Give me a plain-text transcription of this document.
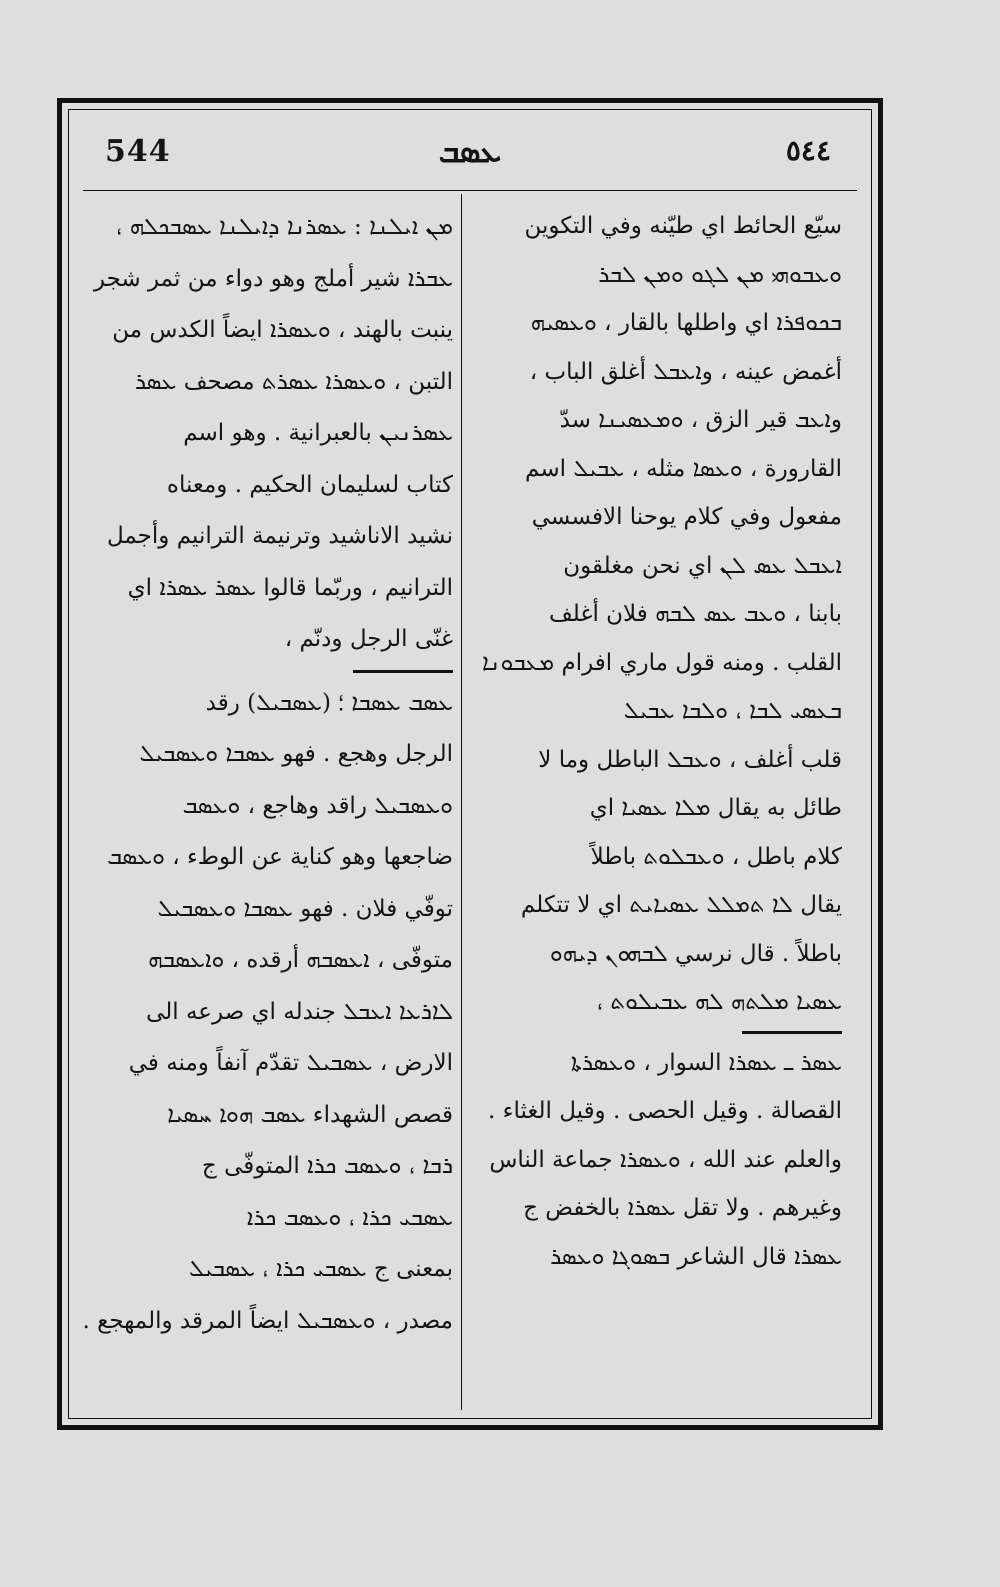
544	ܥܣܒ	٥٤٤
سيّع الحائط اي طيّنه وفي التكوين
ܘܥܒܘܗܝ ܡܢ ܠܓܘ ܘܡܢ ܠܒܪ
ܒܟܘܦܪܐ اي واطلها بالقار ، ܘܥܣܝܗ
أغمض عينه ، وܐܥܒܠ أغلق الباب ،
وܐܥܒ قير الزق ، ܘܡܥܣܝܢܐ سدّ
القارورة ، ܘܥܣܐ مثله ، ܥܒܝܠ اسم
مفعول وفي كلام يوحنا الافسسي
ܐܥܒܠ ܥܣ ܠܢ اي نحن مغلقون
بابنا ، ܘܥܒ ܥܣ ܠܒܗ فلان أغلف
القلب . ومنه قول ماري افرام ܡܥܒܘܢܐ
ܒܥܣܝ ܠܒܐ ، ܘܠܒܐ ܥܒܝܠ
قلب أغلف ، ܘܥܒܠ الباطل وما لا
طائل به يقال ܡܠܐ ܥܣܝܐ اي
كلام باطل ، ܘܥܒܠܘܬ باطلاً
يقال ܠܐ ܬܡܠܠ ܥܣܝܐܝܬ اي لا تتكلم
باطلاً . قال نرسي ܠܒܗܘܢ ܕܝܗܘ
ܥܣܝܐ ܡܠܬܗ ܠܗ ܥܒܝܠܘܬ ،
ܥܣܪ ـ ܥܣܪܐ السوار ، ܘܥܣܪܬܐ
القصالة . وقيل الحصى . وقيل الغثاء .
والعلم عند الله ، ܘܥܣܪܐ جماعة الناس
وغيرهم . ولا تقل ܥܣܪܐ بالخفض ج
ܥܣܪܐ قال الشاعر ܒܣܘܓܐ ܘܥܣܪ
ܡܢ ܐܝܠܢܐ : ܥܣܪܢܐ ܕܐܝܠܢܐ ܥܣܒܟܠܗ ،
ܥܒܪܐ شير أملج وهو دواء من ثمر شجر
ينبت بالهند ، ܘܥܣܪܐ ايضاً الكدس من
التبن ، ܘܥܣܪܐ ܥܣܪܬ مصحف ܥܣܪ
ܥܣܪܢܝܢ بالعبرانية . وهو اسم
كتاب لسليمان الحكيم . ومعناه
نشيد الاناشيد وترنيمة الترانيم وأجمل
الترانيم ، وربّما قالوا ܥܣܪ ܥܣܪܐ اي
غنّى الرجل ودنّم ،
ܥܣܒ ܥܣܒܐ ؛ (ܥܣܒܝܠ) رقد
الرجل وهجع . فهو ܥܣܒܐ ܘܥܣܒܝܠ
ܘܥܣܒܝܠ راقد وهاجع ، ܘܥܣܒ
ضاجعها وهو كناية عن الوطء ، ܘܥܣܒ
توفّي فلان . فهو ܥܣܒܐ ܘܥܣܒܝܠ
متوفّى ، ܐܥܣܒܗ أرقده ، ܘܐܥܣܒܗ
ܠܐܪܥܐ ܐܥܒܠ جندله اي صرعه الى
الارض ، ܥܣܒܝܠ تقدّم آنفاً ومنه في
قصص الشهداء ܥܣܒ ܗܘܐ ܚܣܝܐ
ܪܒܐ ، ܘܥܣܒ ܟܪܐ المتوفّى ج
ܥܣܒܝ ܟܪܐ ، ܘܥܣܒ ܟܪܐ
بمعنى ج ܥܣܒܝ ܟܪܐ ، ܥܣܒܝܠ
مصدر ، ܘܥܣܒܝܠ ايضاً المرقد والمهجع .
